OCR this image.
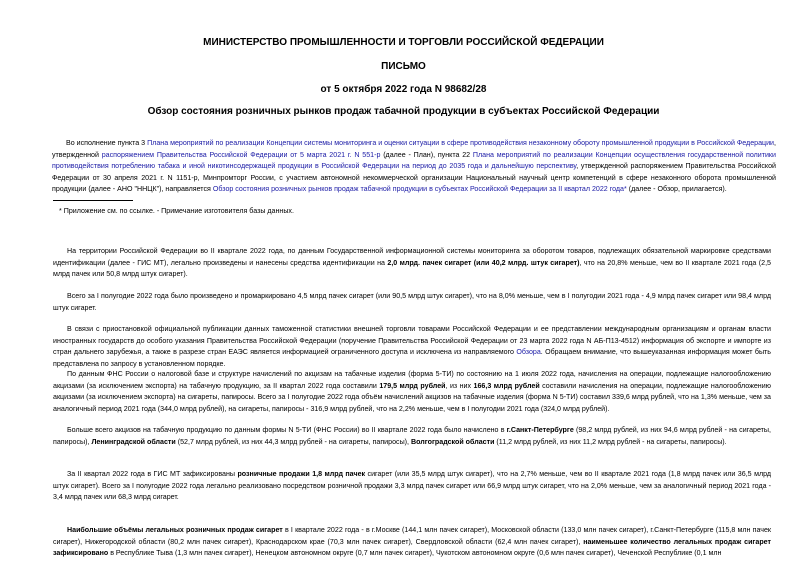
МИНИСТЕРСТВО ПРОМЫШЛЕННОСТИ И ТОРГОВЛИ РОССИЙСКОЙ ФЕДЕРАЦИИ
ПИСЬМО
от 5 октября 2022 года N 98682/28
Обзор состояния розничных рынков продаж табачной продукции в субъектах Российской Федерации
Во исполнение пункта 3 Плана мероприятий по реализации Концепции системы мониторинга и оценки ситуации в сфере противодействия незаконному обороту промышленной продукции в Российской Федерации, утвержденной распоряжением Правительства Российской Федерации от 5 марта 2021 г. N 551-р (далее - План), пункта 22 Плана мероприятий по реализации Концепции осуществления государственной политики противодействия потреблению табака и иной никотинсодержащей продукции в Российской Федерации на период до 2035 года и дальнейшую перспективу, утвержденной распоряжением Правительства Российской Федерации от 30 апреля 2021 г. N 1151-р, Минпромторг России, с участием автономной некоммерческой организации Национальный научный центр компетенций в сфере незаконного оборота промышленной продукции (далее - АНО "ННЦК"), направляется Обзор состояния розничных рынков продаж табачной продукции в субъектах Российской Федерации за II квартал 2022 года* (далее - Обзор, прилагается).
* Приложение см. по ссылке. - Примечание изготовителя базы данных.
На территории Российской Федерации во II квартале 2022 года, по данным Государственной информационной системы мониторинга за оборотом товаров, подлежащих обязательной маркировке средствами идентификации (далее - ГИС МТ), легально произведены и нанесены средства идентификации на 2,0 млрд. пачек сигарет (или 40,2 млрд. штук сигарет), что на 20,8% меньше, чем во II квартале 2021 года (2,5 млрд пачек или 50,8 млрд штук сигарет).
Всего за I полугодие 2022 года было произведено и промаркировано 4,5 млрд пачек сигарет (или 90,5 млрд штук сигарет), что на 8,0% меньше, чем в I полугодии 2021 года - 4,9 млрд пачек сигарет или 98,4 млрд штук сигарет.
В связи с приостановкой официальной публикации данных таможенной статистики внешней торговли товарами Российской Федерации и ее представлении международным организациям и органам власти иностранных государств до особого указания Правительства Российской Федерации (поручение Правительства Российской Федерации от 23 марта 2022 года N АБ-П13-4512) информация об экспорте и импорте из стран дальнего зарубежья, а также в разрезе стран ЕАЭС является информацией ограниченного доступа и исключена из направляемого Обзора. Обращаем внимание, что вышеуказанная информация может быть представлена по запросу в установленном порядке.
По данным ФНС России о налоговой базе и структуре начислений по акцизам на табачные изделия (форма 5-ТИ) по состоянию на 1 июля 2022 года, начисления на операции, подлежащие налогообложению акцизами (за исключением экспорта) на табачную продукцию, за II квартал 2022 года составили 179,5 млрд рублей, из них 166,3 млрд рублей составили начисления на операции, подлежащие налогообложению акцизами (за исключением экспорта) на сигареты, папиросы. Всего за I полугодие 2022 года объём начислений акцизов на табачные изделия (форма N 5-ТИ) составил 339,6 млрд рублей, что на 1,3% меньше, чем за аналогичный период 2021 года (344,0 млрд рублей), на сигареты, папиросы - 316,9 млрд рублей, что на 2,2% меньше, чем в I полугодии 2021 года (324,0 млрд рублей).
Больше всего акцизов на табачную продукцию по данным формы N 5-ТИ (ФНС России) во II квартале 2022 года было начислено в г.Санкт-Петербурге (98,2 млрд рублей, из них 94,6 млрд рублей - на сигареты, папиросы), Ленинградской области (52,7 млрд рублей, из них 44,3 млрд рублей - на сигареты, папиросы), Волгоградской области (11,2 млрд рублей, из них 11,2 млрд рублей - на сигареты, папиросы).
За II квартал 2022 года в ГИС МТ зафиксированы розничные продажи 1,8 млрд пачек сигарет (или 35,5 млрд штук сигарет), что на 2,7% меньше, чем во II квартале 2021 года (1,8 млрд пачек или 36,5 млрд штук сигарет). Всего за I полугодие 2022 года легально реализовано посредством розничной продажи 3,3 млрд пачек сигарет или 66,9 млрд штук сигарет, что на 2,0% меньше, чем за аналогичный период 2021 года - 3,4 млрд пачек или 68,3 млрд сигарет.
Наибольшие объёмы легальных розничных продаж сигарет в I квартале 2022 года - в г.Москве (144,1 млн пачек сигарет), Московской области (133,0 млн пачек сигарет), г.Санкт-Петербурге (115,8 млн пачек сигарет), Нижегородской области (80,2 млн пачек сигарет), Краснодарском крае (70,3 млн пачек сигарет), Свердловской области (62,4 млн пачек сигарет), наименьшее количество легальных продаж сигарет зафиксировано в Республике Тыва (1,3 млн пачек сигарет), Ненецком автономном округе (0,7 млн пачек сигарет), Чукотском автономном округе (0,6 млн пачек сигарет), Чеченской Республике (0,1 млн
